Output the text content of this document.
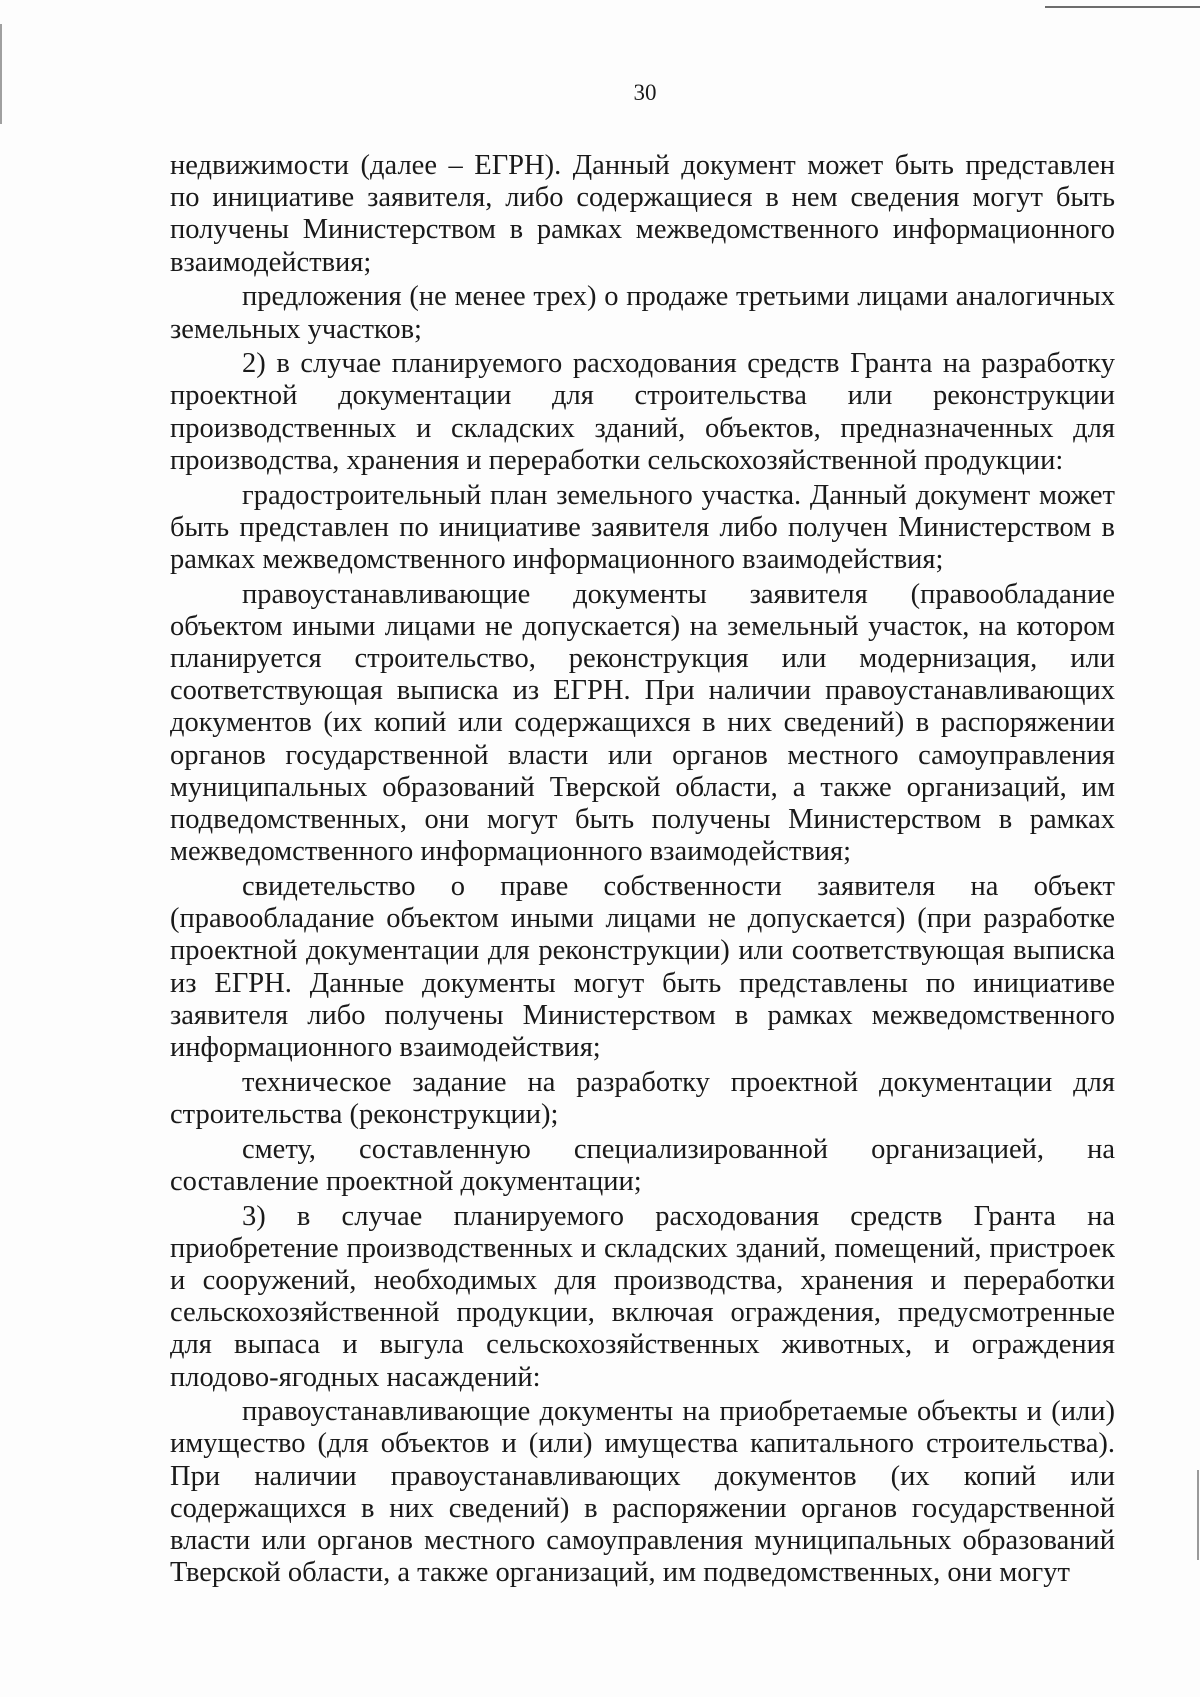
30

недвижимости (далее – ЕГРН). Данный документ может быть представлен по инициативе заявителя, либо содержащиеся в нем сведения могут быть получены Министерством в рамках межведомственного информационного взаимодействия;

предложения (не менее трех) о продаже третьими лицами аналогичных земельных участков;

2) в случае планируемого расходования средств Гранта на разработку проектной документации для строительства или реконструкции производственных и складских зданий, объектов, предназначенных для производства, хранения и переработки сельскохозяйственной продукции:

градостроительный план земельного участка. Данный документ может быть представлен по инициативе заявителя либо получен Министерством в рамках межведомственного информационного взаимодействия;

правоустанавливающие документы заявителя (правообладание объектом иными лицами не допускается) на земельный участок, на котором планируется строительство, реконструкция или модернизация, или соответствующая выписка из ЕГРН. При наличии правоустанавливающих документов (их копий или содержащихся в них сведений) в распоряжении органов государственной власти или органов местного самоуправления муниципальных образований Тверской области, а также организаций, им подведомственных, они могут быть получены Министерством в рамках межведомственного информационного взаимодействия;

свидетельство о праве собственности заявителя на объект (правообладание объектом иными лицами не допускается) (при разработке проектной документации для реконструкции) или соответствующая выписка из ЕГРН. Данные документы могут быть представлены по инициативе заявителя либо получены Министерством в рамках межведомственного информационного взаимодействия;

техническое задание на разработку проектной документации для строительства (реконструкции);

смету, составленную специализированной организацией, на составление проектной документации;

3) в случае планируемого расходования средств Гранта на приобретение производственных и складских зданий, помещений, пристроек и сооружений, необходимых для производства, хранения и переработки сельскохозяйственной продукции, включая ограждения, предусмотренные для выпаса и выгула сельскохозяйственных животных, и ограждения плодово-ягодных насаждений:

правоустанавливающие документы на приобретаемые объекты и (или) имущество (для объектов и (или) имущества капитального строительства). При наличии правоустанавливающих документов (их копий или содержащихся в них сведений) в распоряжении органов государственной власти или органов местного самоуправления муниципальных образований Тверской области, а также организаций, им подведомственных, они могут
